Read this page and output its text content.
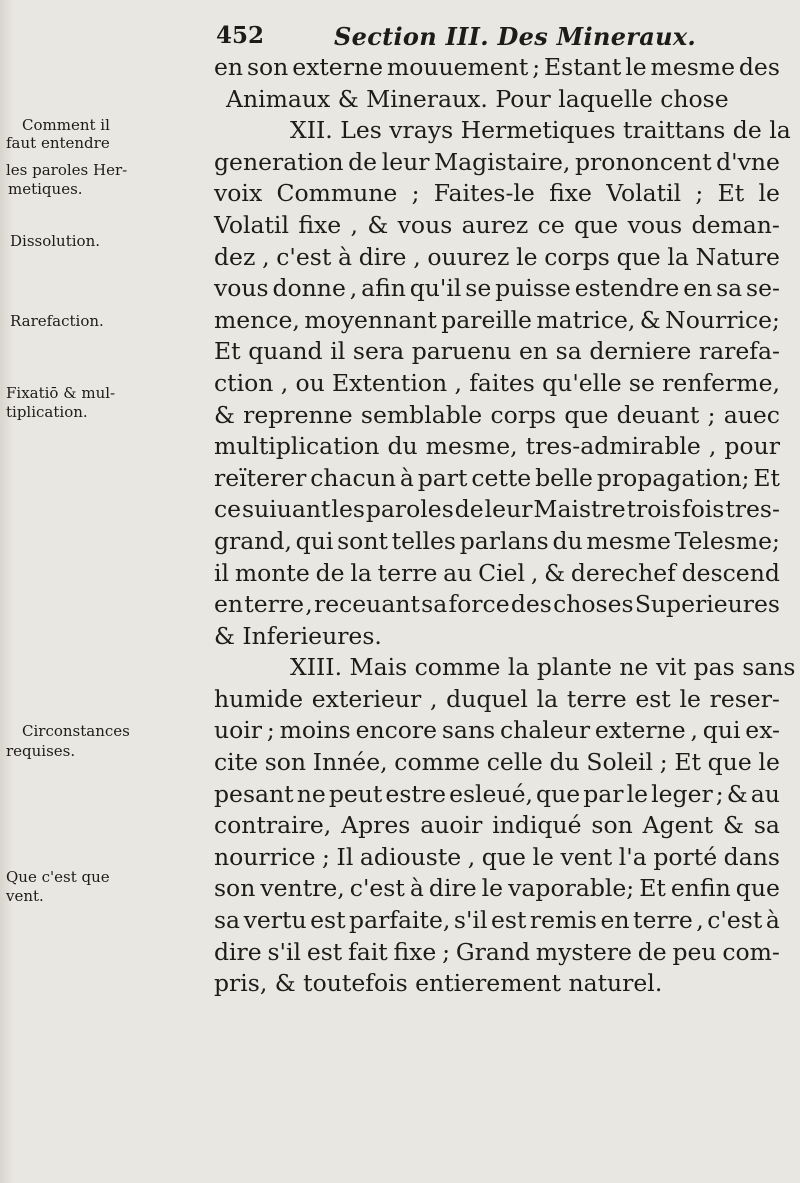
452	Section III. Des Mineraux.
en son externe mouuement ; Estant le mesme des
Animaux & Mineraux. Pour laquelle chose
XII. Les vrays Hermetiques traittans de la
generation de leur Magistaire, prononcent d'vne
voix Commune ; Faites-le fixe Volatil ; Et le
Volatil fixe , & vous aurez ce que vous deman-
dez , c'est à dire , ouurez le corps que la Nature
vous donne , afin qu'il se puisse estendre en sa se-
mence, moyennant pareille matrice, & Nourrice;
Et quand il sera paruenu en sa derniere rarefa-
ction , ou Extention , faites qu'elle se renferme,
& reprenne semblable corps que deuant ; auec
multiplication du mesme, tres-admirable , pour
reïterer chacun à part cette belle propagation; Et
ce suiuant les paroles de leur Maistre trois fois tres-
grand, qui sont telles parlans du mesme Telesme;
il monte de la terre au Ciel , & derechef descend
en terre , receuant sa force des choses Superieures
& Inferieures.
XIII. Mais comme la plante ne vit pas sans
humide exterieur , duquel la terre est le reser-
uoir ; moins encore sans chaleur externe , qui ex-
cite son Innée, comme celle du Soleil ; Et que le
pesant ne peut estre esleué, que par le leger ; & au
contraire, Apres auoir indiqué son Agent & sa
nourrice ; Il adiouste , que le vent l'a porté dans
son ventre, c'est à dire le vaporable; Et enfin que
sa vertu est parfaite, s'il est remis en terre , c'est à
dire s'il est fait fixe ; Grand mystere de peu com-
pris, & toutefois entierement naturel.
Comment il
faut entendre
les paroles Her-
metiques.
Dissolution.
Rarefaction.
Fixatiō & mul-
tiplication.
Circonstances
requises.
Que c'est que
vent.
